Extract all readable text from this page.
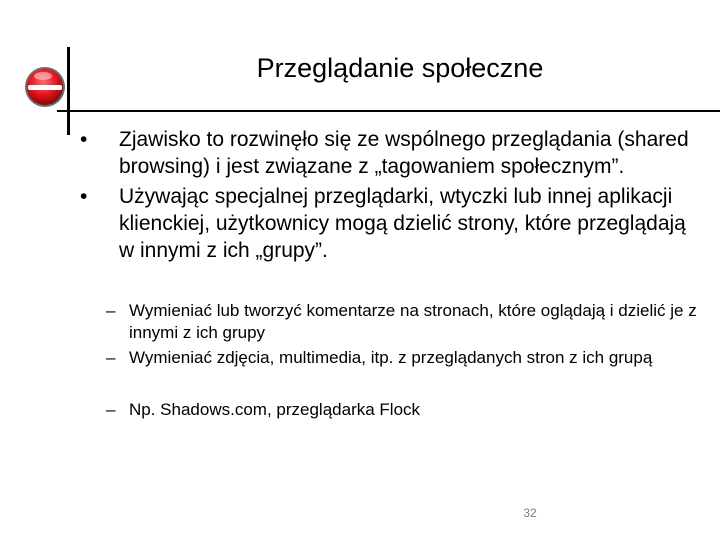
Przeglądanie społeczne
• Zjawisko to rozwinęło się ze wspólnego przeglądania (shared browsing) i jest związane z „tagowaniem społecznym”.
• Używając specjalnej przeglądarki, wtyczki lub innej aplikacji klienckiej, użytkownicy mogą dzielić strony, które przeglądają w innymi z ich „grupy”.
– Wymieniać lub tworzyć komentarze na stronach, które oglądają i dzielić je z innymi z ich grupy
– Wymieniać zdjęcia, multimedia, itp. z przeglądanych stron z ich grupą
– Np. Shadows.com, przeglądarka Flock
32
